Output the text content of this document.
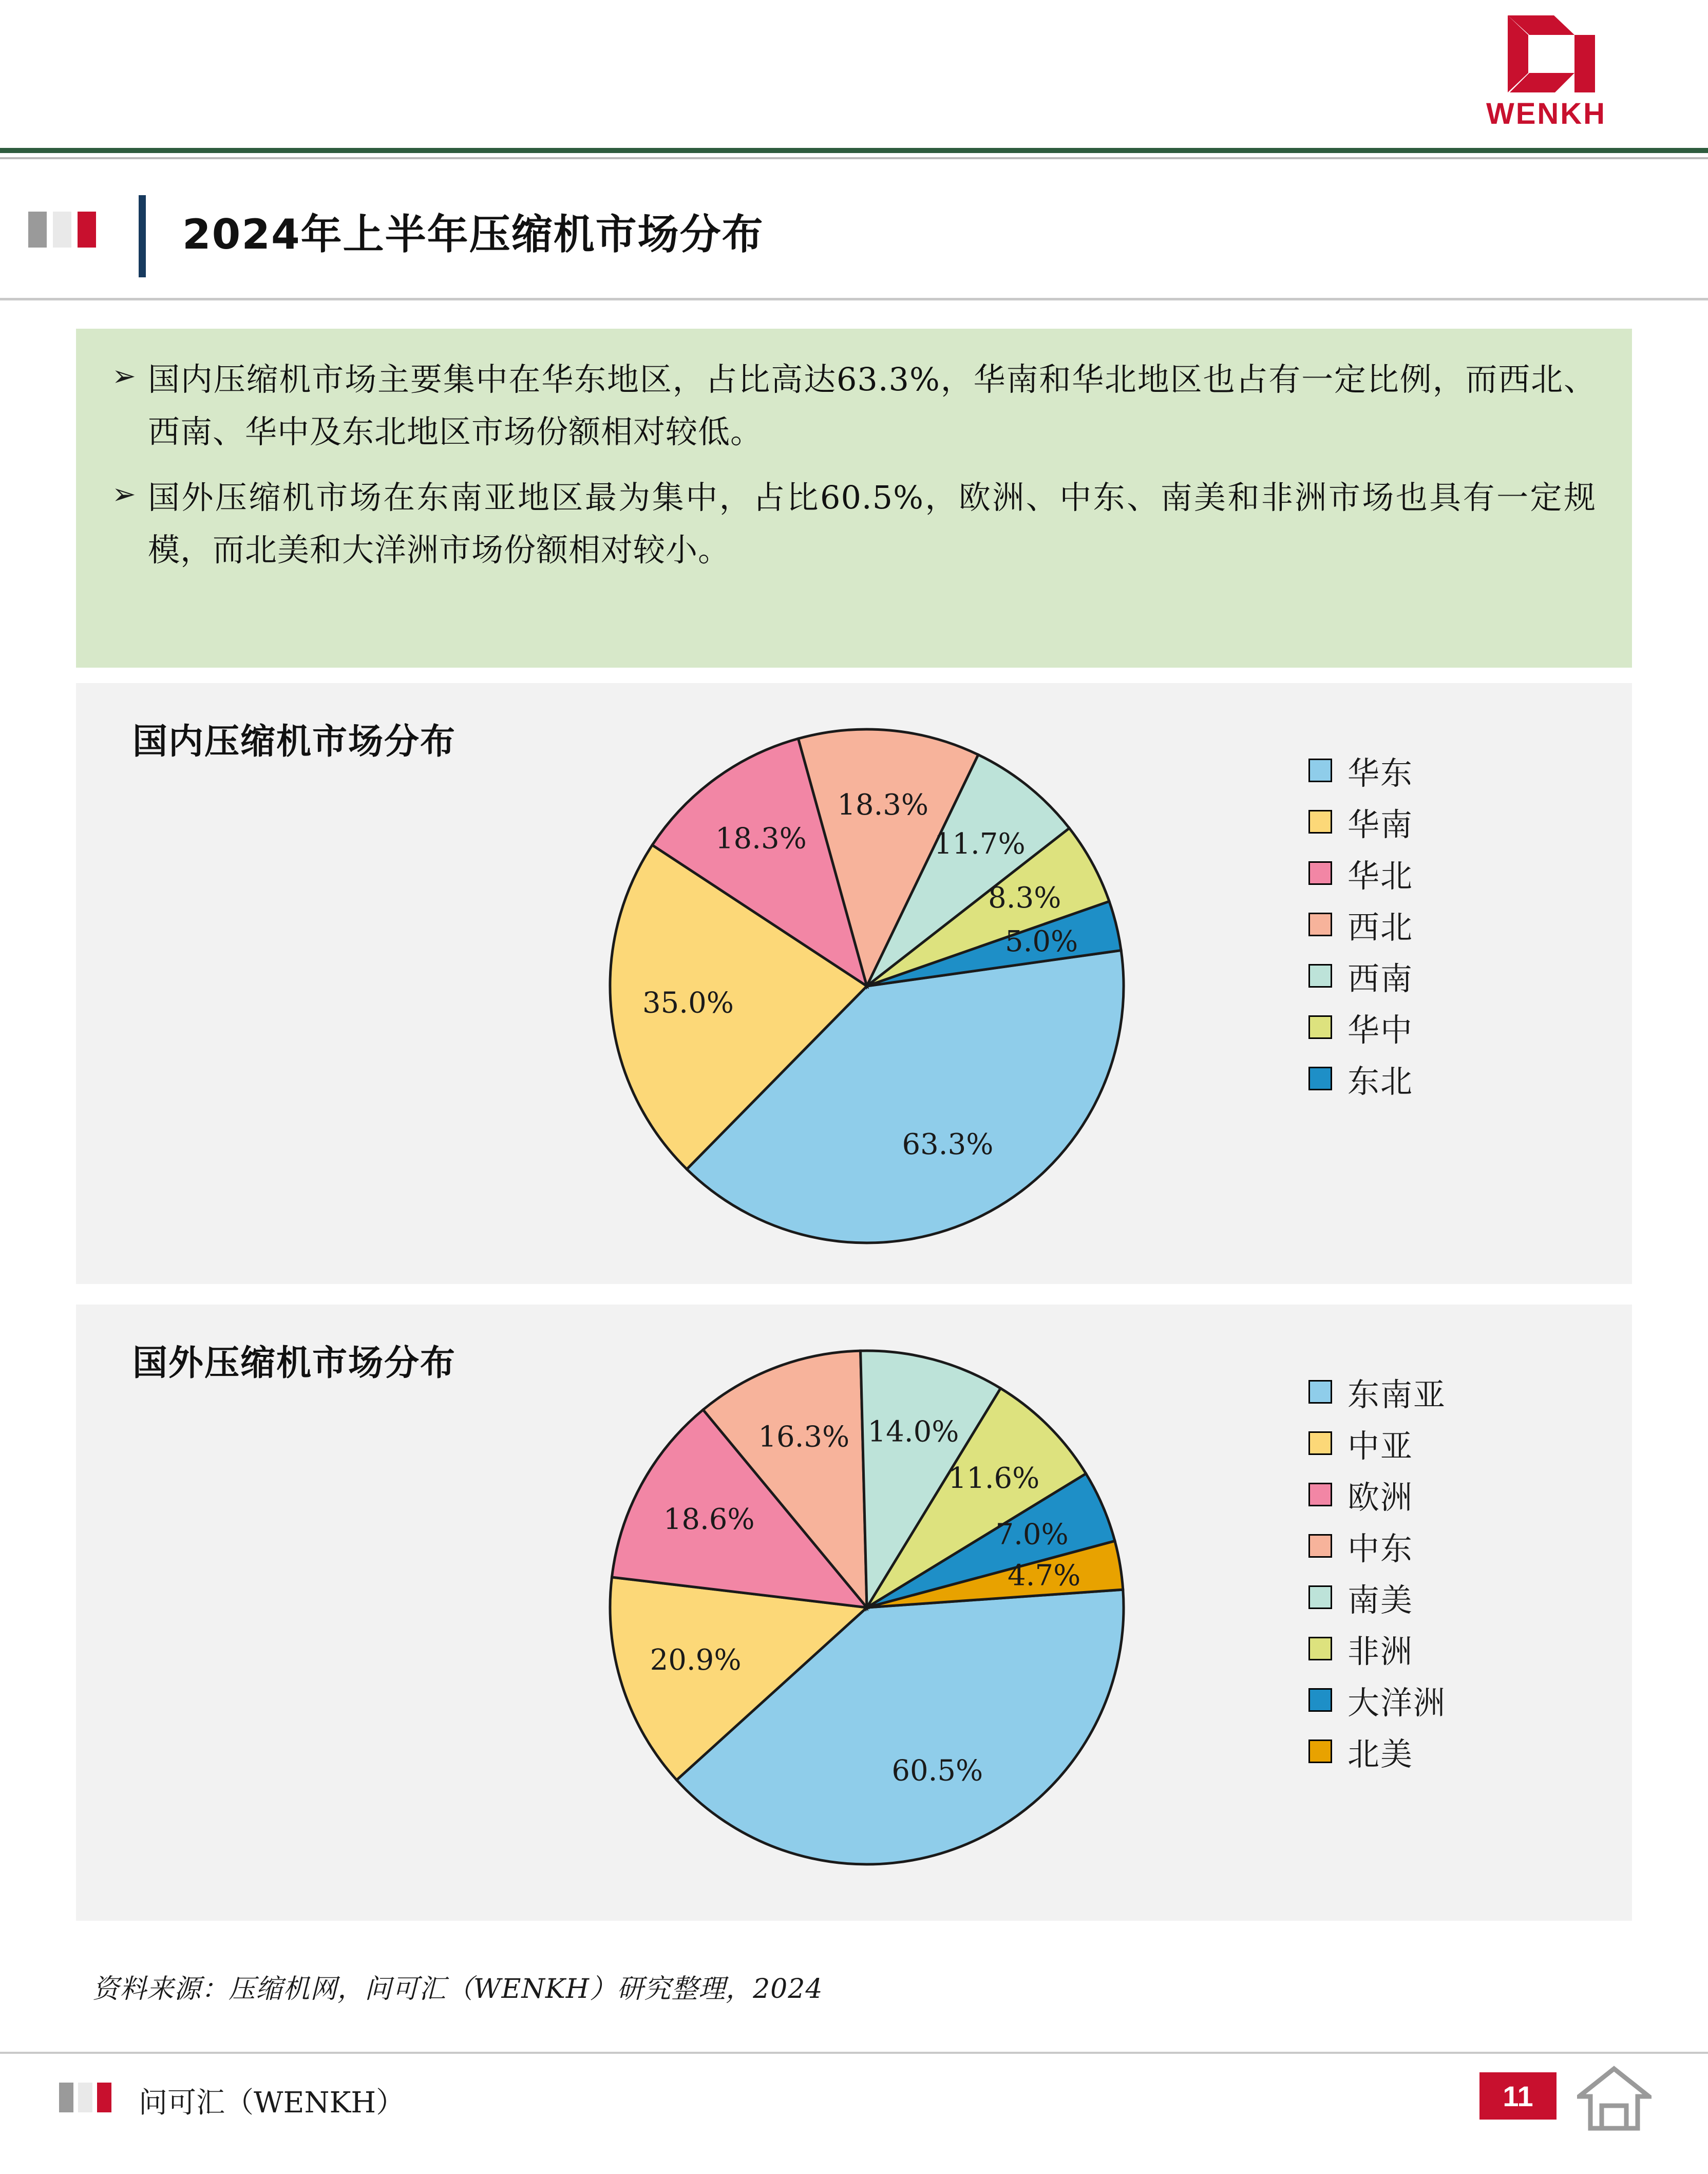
WENKH
2024年上半年压缩机市场分布
➢ 国内压缩机市场主要集中在华东地区，占比高达63.3%，华南和华北地区也占有一定比例，而西北、西南、华中及东北地区市场份额相对较低。
➢ 国外压缩机市场在东南亚地区最为集中，占比60.5%，欧洲、中东、南美和非洲市场也具有一定规模，而北美和大洋洲市场份额相对较小。
国内压缩机市场分布
63.3%
35.0%
18.3%
18.3%
11.7%
8.3%
5.0%
华东
华南
华北
西北
西南
华中
东北
国外压缩机市场分布
60.5%
20.9%
18.6%
16.3% 14.0%
11.6%
7.0%
4.7%
东南亚
中亚
欧洲
中东
南美
非洲
大洋洲
北美
资料来源：压缩机网，问可汇（WENKH）研究整理，2024
问可汇（WENKH）	11
